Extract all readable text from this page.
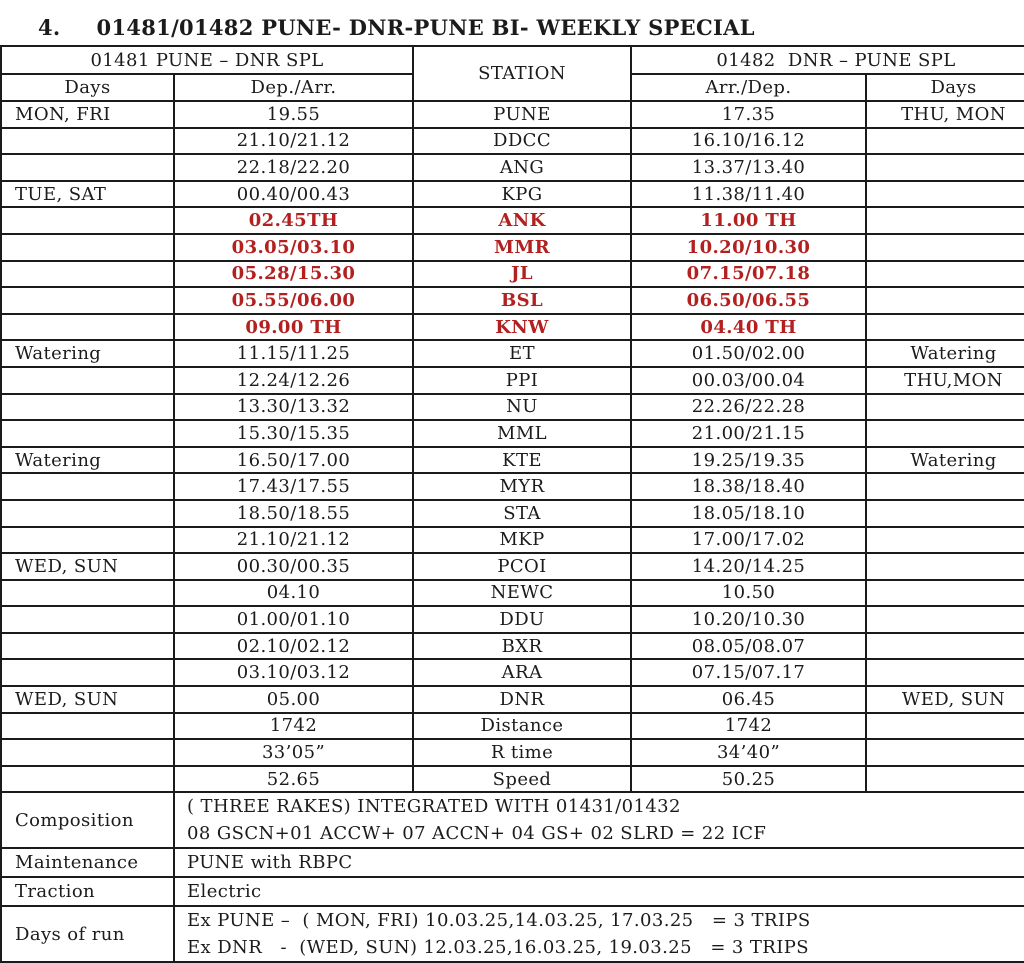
4. 01481/01482 PUNE- DNR-PUNE BI- WEEKLY SPECIAL
01481 PUNE – DNR SPL		STATION	01482  DNR – PUNE SPL	
Days	Dep./Arr.		Arr./Dep.	Days
MON, FRI	19.55	PUNE	17.35	THU, MON
	21.10/21.12	DDCC	16.10/16.12	
	22.18/22.20	ANG	13.37/13.40	
TUE, SAT	00.40/00.43	KPG	11.38/11.40	
	02.45TH	ANK	11.00 TH	
	03.05/03.10	MMR	10.20/10.30	
	05.28/15.30	JL	07.15/07.18	
	05.55/06.00	BSL	06.50/06.55	
	09.00 TH	KNW	04.40 TH	
Watering	11.15/11.25	ET	01.50/02.00	Watering
	12.24/12.26	PPI	00.03/00.04	THU,MON
	13.30/13.32	NU	22.26/22.28	
	15.30/15.35	MML	21.00/21.15	
Watering	16.50/17.00	KTE	19.25/19.35	Watering
	17.43/17.55	MYR	18.38/18.40	
	18.50/18.55	STA	18.05/18.10	
	21.10/21.12	MKP	17.00/17.02	
WED, SUN	00.30/00.35	PCOI	14.20/14.25	
	04.10	NEWC	10.50	
	01.00/01.10	DDU	10.20/10.30	
	02.10/02.12	BXR	08.05/08.07	
	03.10/03.12	ARA	07.15/07.17	
WED, SUN	05.00	DNR	06.45	WED, SUN
	1742	Distance	1742	
	33’05”	R time	34’40”	
	52.65	Speed	50.25	
Composition	( THREE RAKES) INTEGRATED WITH 01431/01432
08 GSCN+01 ACCW+ 07 ACCN+ 04 GS+ 02 SLRD = 22 ICF			

Maintenance	PUNE with RBPC			

Traction	Electric			

Days of run	Ex PUNE –  ( MON, FRI) 10.03.25,14.03.25, 17.03.25   = 3 TRIPS
Ex DNR   -  (WED, SUN) 12.03.25,16.03.25, 19.03.25   = 3 TRIPS			
